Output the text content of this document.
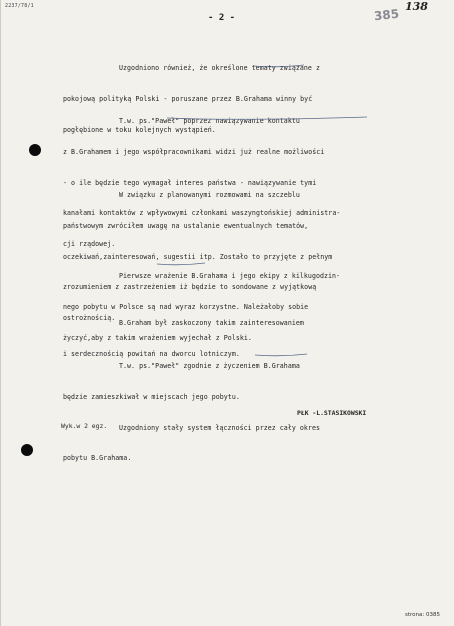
2237/78/1
- 2 -	385
138

Uzgodniono również, że określone tematy związane z

pokojową polityką Polski - poruszane przez B.Grahama winny być

pogłębione w toku kolejnych wystąpień.

T.w. ps."Paweł" poprzez nawiązywanie kontaktu

z B.Grahamem i jego współpracownikami widzi już realne możliwości

- o ile będzie tego wymagał interes państwa - nawiązywanie tymi

kanałami kontaktów z wpływowymi członkami waszyngtońskiej administra-

cji rządowej.

W związku z planowanymi rozmowami na szczeblu

państwowym zwróciłem uwagę na ustalanie ewentualnych tematów,

oczekiwań,zainteresowań, sugestii itp. Zostało to przyjęte z pełnym

zrozumieniem z zastrzeżeniem iż będzie to sondowane z wyjątkową

ostrożnością.

Pierwsze wrażenie B.Grahama i jego ekipy z kilkugodzin-

nego pobytu w Polsce są nad wyraz korzystne. Należałoby sobie

życzyć,aby z takim wrażeniem wyjechał z Polski.

B.Graham był zaskoczony takim zainteresowaniem

i serdecznością powitań na dworcu lotniczym.

T.w. ps."Paweł" zgodnie z życzeniem B.Grahama

będzie zamieszkiwał w miejscach jego pobytu.

Uzgodniony stały system łączności przez cały okres

pobytu B.Grahama.

PŁK -L.STASIKOWSKI
Wyk.w 2 egz.
strona: 0385
